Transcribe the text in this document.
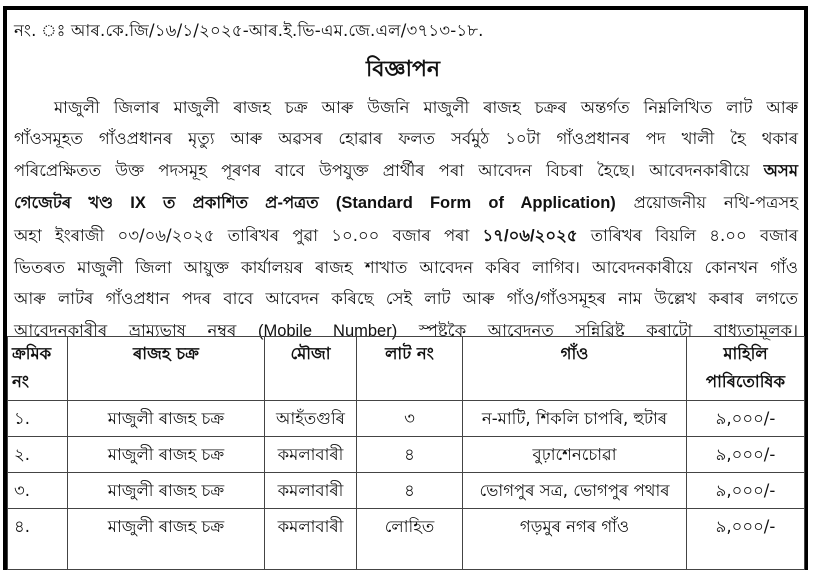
নং. ঃ আৰ.কে.জি/১৬/১/২০২৫-আৰ.ই.ভি-এম.জে.এল/৩৭১৩-১৮.
বিজ্ঞাপন
মাজুলী জিলাৰ মাজুলী ৰাজহ চক্ৰ আৰু উজনি মাজুলী ৰাজহ চক্ৰৰ অন্তৰ্গত নিম্নলিখিত লাট আৰু
গাঁওসমূহত গাঁওপ্ৰধানৰ মৃত্যু আৰু অৱসৰ হোৱাৰ ফলত সৰ্বমুঠ ১০টা গাঁওপ্ৰধানৰ পদ খালী হৈ থকাৰ
পৰিপ্ৰেক্ষিতত উক্ত পদসমূহ পূৰণৰ বাবে উপযুক্ত প্ৰাৰ্থীৰ পৰা আবেদন বিচৰা হৈছে। আবেদনকাৰীয়ে অসম
গেজেটৰ খণ্ড IX ত প্ৰকাশিত প্ৰ-পত্ৰত (Standard Form of Application) প্ৰয়োজনীয় নথি-পত্ৰসহ
অহা ইংৰাজী ০৩/০৬/২০২৫ তাৰিখৰ পুৱা ১০.০০ বজাৰ পৰা ১৭/০৬/২০২৫ তাৰিখৰ বিয়লি ৪.০০ বজাৰ
ভিতৰত মাজুলী জিলা আয়ুক্ত কাৰ্যালয়ৰ ৰাজহ শাখাত আবেদন কৰিব লাগিব। আবেদনকাৰীয়ে কোনখন গাঁও
আৰু লাটৰ গাঁওপ্ৰধান পদৰ বাবে আবেদন কৰিছে সেই লাট আৰু গাঁও/গাঁওসমূহৰ নাম উল্লেখ কৰাৰ লগতে
আবেদনকাৰীৰ ভ্ৰাম্যভাষ নম্বৰ (Mobile Number) স্পষ্টকৈ আবেদনত সন্নিৱিষ্ট কৰাটো বাধ্যতামূলক।
ক্ৰমিক
নং	ৰাজহ চক্ৰ	মৌজা	লাট নং	গাঁও	মাহিলি
পাৰিতোষিক
১.	মাজুলী ৰাজহ চক্ৰ	আহঁতগুৰি	৩	ন-মাটি, শিকলি চাপৰি, হুটাৰ	৯,০০০/-
২.	মাজুলী ৰাজহ চক্ৰ	কমলাবাৰী	৪	বুঢ়াশেনচোৱা	৯,০০০/-
৩.	মাজুলী ৰাজহ চক্ৰ	কমলাবাৰী	৪	ভোগপুৰ সত্ৰ, ভোগপুৰ পথাৰ	৯,০০০/-
৪.	মাজুলী ৰাজহ চক্ৰ	কমলাবাৰী	লোহিত	গড়মুৰ নগৰ গাঁও	৯,০০০/-
